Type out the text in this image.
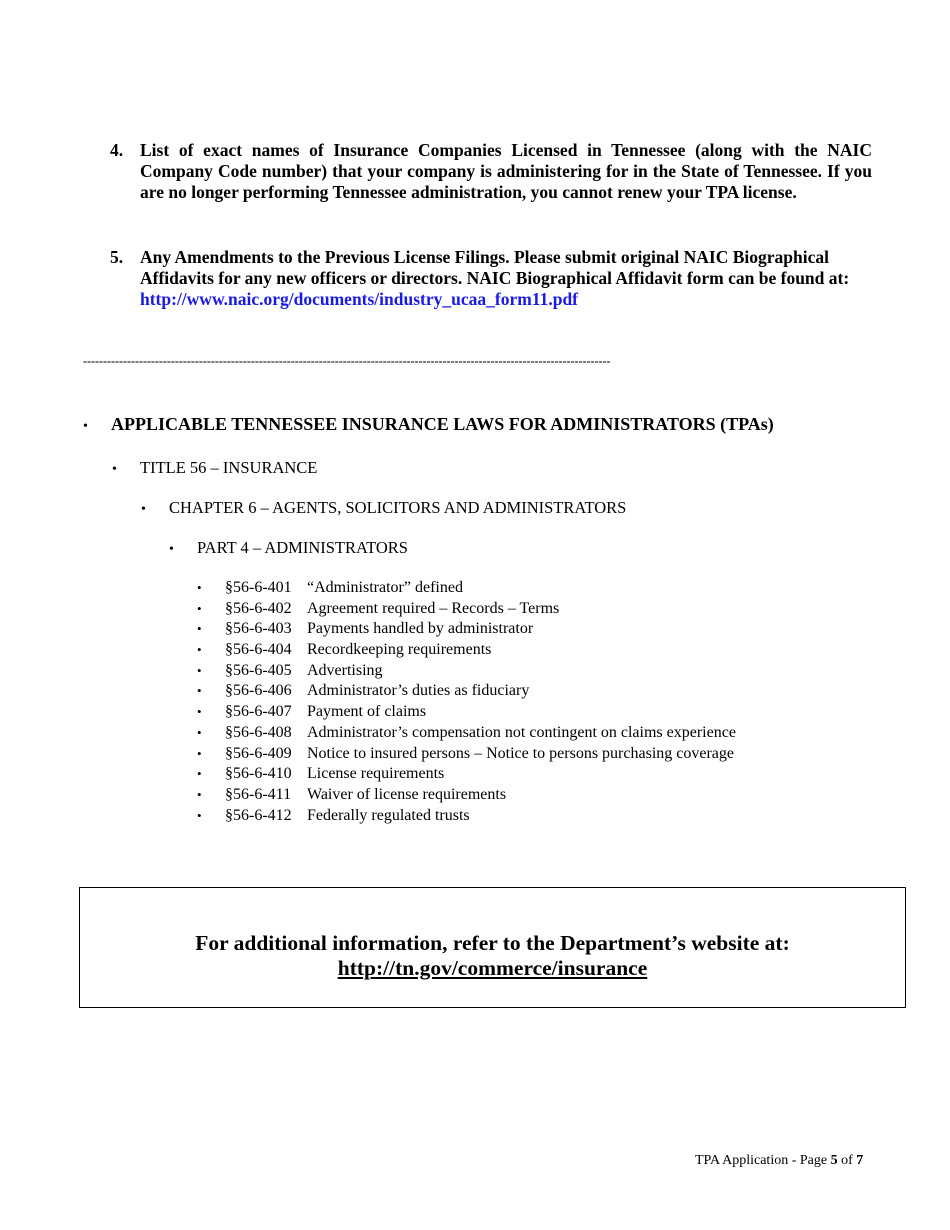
4. List of exact names of Insurance Companies Licensed in Tennessee (along with the NAIC Company Code number) that your company is administering for in the State of Tennessee. If you are no longer performing Tennessee administration, you cannot renew your TPA license.
5. Any Amendments to the Previous License Filings. Please submit original NAIC Biographical Affidavits for any new officers or directors. NAIC Biographical Affidavit form can be found at: http://www.naic.org/documents/industry_ucaa_form11.pdf
------------------------------------------------------------------------------------------------------------------------------------
• APPLICABLE TENNESSEE INSURANCE LAWS FOR ADMINISTRATORS (TPAs)
• TITLE 56 – INSURANCE
• CHAPTER 6 – AGENTS, SOLICITORS AND ADMINISTRATORS
• PART 4 – ADMINISTRATORS
• §56-6-401 “Administrator” defined
• §56-6-402 Agreement required – Records – Terms
• §56-6-403 Payments handled by administrator
• §56-6-404 Recordkeeping requirements
• §56-6-405 Advertising
• §56-6-406 Administrator’s duties as fiduciary
• §56-6-407 Payment of claims
• §56-6-408 Administrator’s compensation not contingent on claims experience
• §56-6-409 Notice to insured persons – Notice to persons purchasing coverage
• §56-6-410 License requirements
• §56-6-411 Waiver of license requirements
• §56-6-412 Federally regulated trusts
For additional information, refer to the Department’s website at:
http://tn.gov/commerce/insurance
TPA Application - Page 5 of 7
